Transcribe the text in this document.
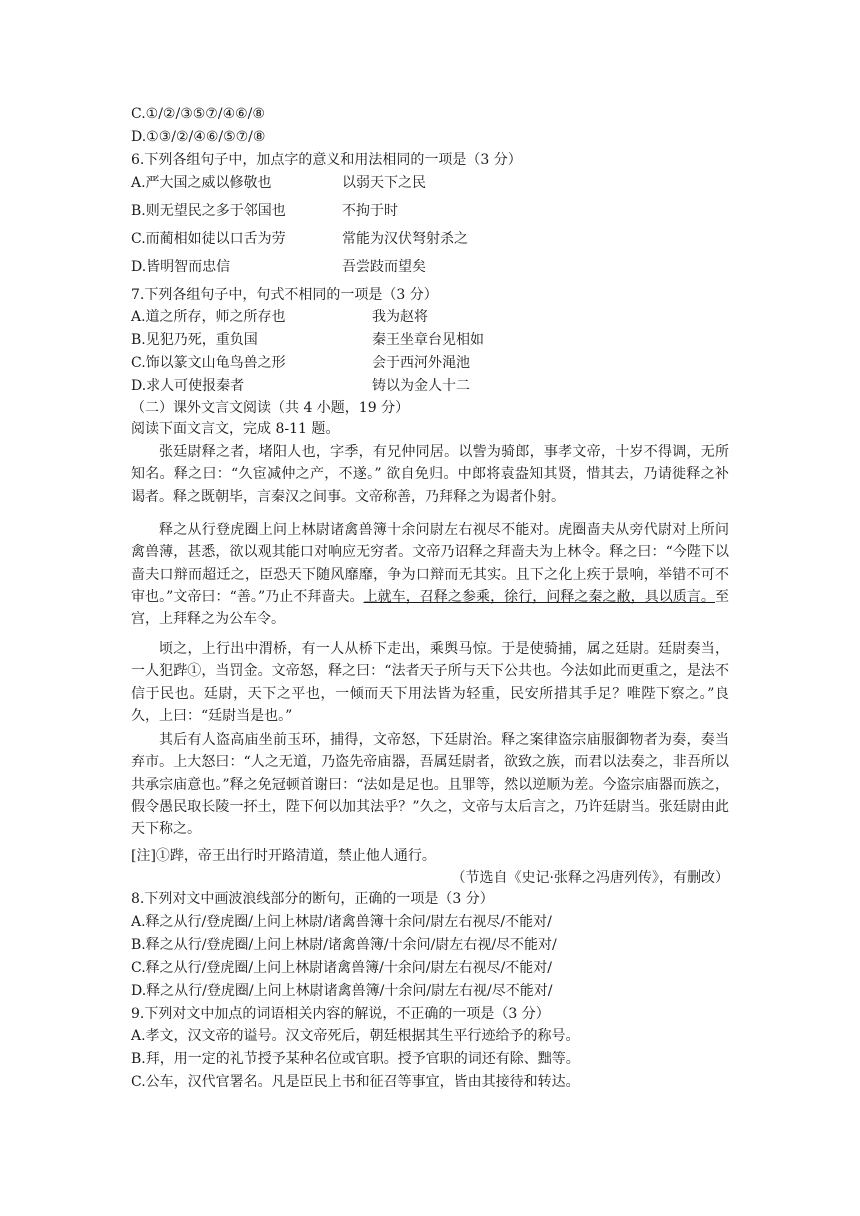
C.①/②/③⑤⑦/④⑥/⑧
D.①③/②/④⑥/⑤⑦/⑧
6.下列各组句子中，加点字的意义和用法相同的一项是（3 分）
A.严大国之威以修敬也	以弱天下之民
B.则无望民之多于邻国也	不拘于时
C.而蔺相如徒以口舌为劳	常能为汉伏弩射杀之
D.皆明智而忠信	吾尝跂而望矣
7.下列各组句子中，句式不相同的一项是（3 分）
A.道之所存，师之所存也	我为赵将
B.见犯乃死，重负国	秦王坐章台见相如
C.饰以篆文山龟鸟兽之形	会于西河外渑池
D.求人可使报秦者	铸以为金人十二
（二）课外文言文阅读（共 4 小题，19 分）
阅读下面文言文，完成 8-11 题。
张廷尉释之者，堵阳人也，字季，有兄仲同居。以訾为骑郎，事孝文帝，十岁不得调，无所知名。释之曰：“久宦减仲之产，不遂。” 欲自免归。中郎将袁盎知其贤，惜其去，乃请徙释之补谒者。释之既朝毕，言秦汉之间事。文帝称善，乃拜释之为谒者仆射。
释之从行登虎圈上问上林尉诸禽兽簿十余问尉左右视尽不能对。虎圈啬夫从旁代尉对上所问禽兽薄，甚悉，欲以观其能口对响应无穷者。文帝乃诏释之拜啬夫为上林令。释之曰：“今陛下以啬夫口辩而超迁之，臣恐天下随风靡靡，争为口辩而无其实。且下之化上疾于景响，举错不可不审也。”文帝曰：“善。”乃止不拜啬夫。上就车，召释之参乘，徐行，问释之秦之敝，具以质言。至宫，上拜释之为公车令。
顷之，上行出中渭桥，有一人从桥下走出，乘舆马惊。于是使骑捕，属之廷尉。廷尉奏当，一人犯跸①，当罚金。文帝怒，释之曰：“法者天子所与天下公共也。今法如此而更重之，是法不信于民也。廷尉，天下之平也，一倾而天下用法皆为轻重，民安所措其手足？唯陛下察之。”良久，上曰：“廷尉当是也。”
其后有人盗高庙坐前玉环，捕得，文帝怒，下廷尉治。释之案律盗宗庙服御物者为奏，奏当弃市。上大怒曰：“人之无道，乃盗先帝庙器，吾属廷尉者，欲致之族，而君以法奏之，非吾所以共承宗庙意也。”释之免冠顿首谢曰：“法如是足也。且罪等，然以逆顺为差。今盗宗庙器而族之，假令愚民取长陵一抔土，陛下何以加其法乎？”久之，文帝与太后言之，乃许廷尉当。张廷尉由此天下称之。
[注]①跸，帝王出行时开路清道，禁止他人通行。
（节选自《史记·张释之冯唐列传》，有删改）
8.下列对文中画波浪线部分的断句，正确的一项是（3 分）
A.释之从行/登虎圈/上问上林尉/诸禽兽簿十余问/尉左右视尽/不能对/
B.释之从行/登虎圈/上问上林尉/诸禽兽簿/十余问/尉左右视/尽不能对/
C.释之从行/登虎圈/上问上林尉诸禽兽簿/十余问/尉左右视尽/不能对/
D.释之从行/登虎圈/上问上林尉诸禽兽簿/十余问/尉左右视/尽不能对/
9.下列对文中加点的词语相关内容的解说，不正确的一项是（3 分）
A.孝文，汉文帝的谥号。汉文帝死后，朝廷根据其生平行迹给予的称号。
B.拜，用一定的礼节授予某种名位或官职。授予官职的词还有除、黜等。
C.公车，汉代官署名。凡是臣民上书和征召等事宜，皆由其接待和转达。
